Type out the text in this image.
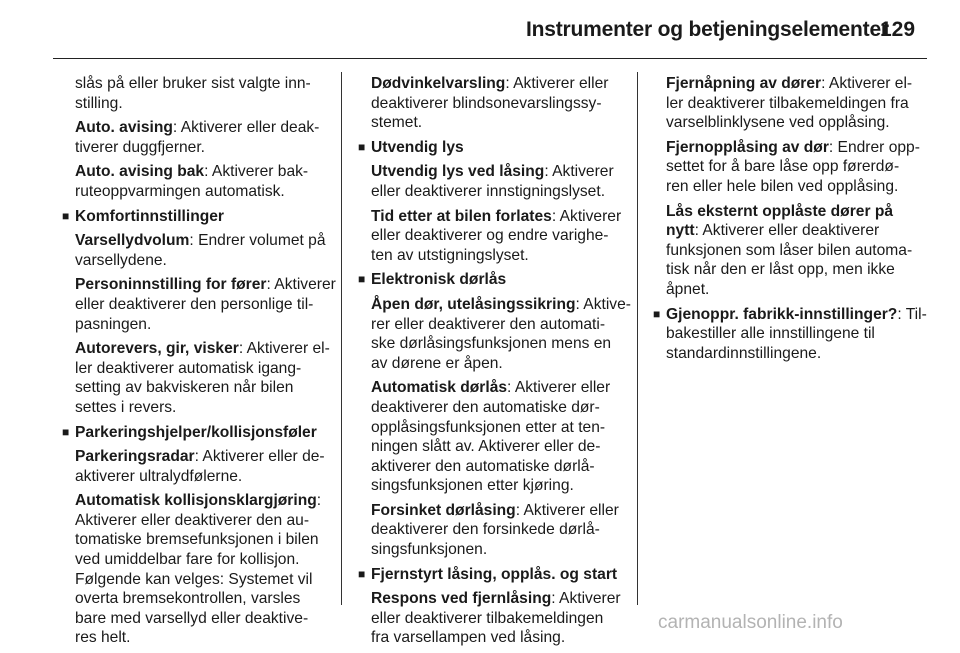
Instrumenter og betjeningselementer
129
slås på eller bruker sist valgte inn-
stilling.
Auto. avising: Aktiverer eller deak-
tiverer duggfjerner.
Auto. avising bak: Aktiverer bak-
ruteoppvarmingen automatisk.
■ Komfortinnstillinger
Varsellydvolum: Endrer volumet på
varsellydene.
Personinnstilling for fører: Aktiverer
eller deaktiverer den personlige til-
pasningen.
Autorevers, gir, visker: Aktiverer el-
ler deaktiverer automatisk igang-
setting av bakviskeren når bilen
settes i revers.
■ Parkeringshjelper/kollisjonsføler
Parkeringsradar: Aktiverer eller de-
aktiverer ultralydfølerne.
Automatisk kollisjonsklargjøring:
Aktiverer eller deaktiverer den au-
tomatiske bremsefunksjonen i bilen
ved umiddelbar fare for kollisjon.
Følgende kan velges: Systemet vil
overta bremsekontrollen, varsles
bare med varsellyd eller deaktive-
res helt.
Dødvinkelvarsling: Aktiverer eller
deaktiverer blindsonevarslingssy-
stemet.
■ Utvendig lys
Utvendig lys ved låsing: Aktiverer
eller deaktiverer innstigningslyset.
Tid etter at bilen forlates: Aktiverer
eller deaktiverer og endre varighe-
ten av utstigningslyset.
■ Elektronisk dørlås
Åpen dør, utelåsingssikring: Aktive-
rer eller deaktiverer den automati-
ske dørlåsingsfunksjonen mens en
av dørene er åpen.
Automatisk dørlås: Aktiverer eller
deaktiverer den automatiske dør-
opplåsingsfunksjonen etter at ten-
ningen slått av. Aktiverer eller de-
aktiverer den automatiske dørlå-
singsfunksjonen etter kjøring.
Forsinket dørlåsing: Aktiverer eller
deaktiverer den forsinkede dørlå-
singsfunksjonen.
■ Fjernstyrt låsing, opplås. og start
Respons ved fjernlåsing: Aktiverer
eller deaktiverer tilbakemeldingen
fra varsellampen ved låsing.
Fjernåpning av dører: Aktiverer el-
ler deaktiverer tilbakemeldingen fra
varselblinklysene ved opplåsing.
Fjernopplåsing av dør: Endrer opp-
settet for å bare låse opp førerdø-
ren eller hele bilen ved opplåsing.
Lås eksternt opplåste dører på
nytt: Aktiverer eller deaktiverer
funksjonen som låser bilen automa-
tisk når den er låst opp, men ikke
åpnet.
■ Gjenoppr. fabrikk-innstillinger?: Til-
bakestiller alle innstillingene til
standardinnstillingene.
carmanualsonline.info
